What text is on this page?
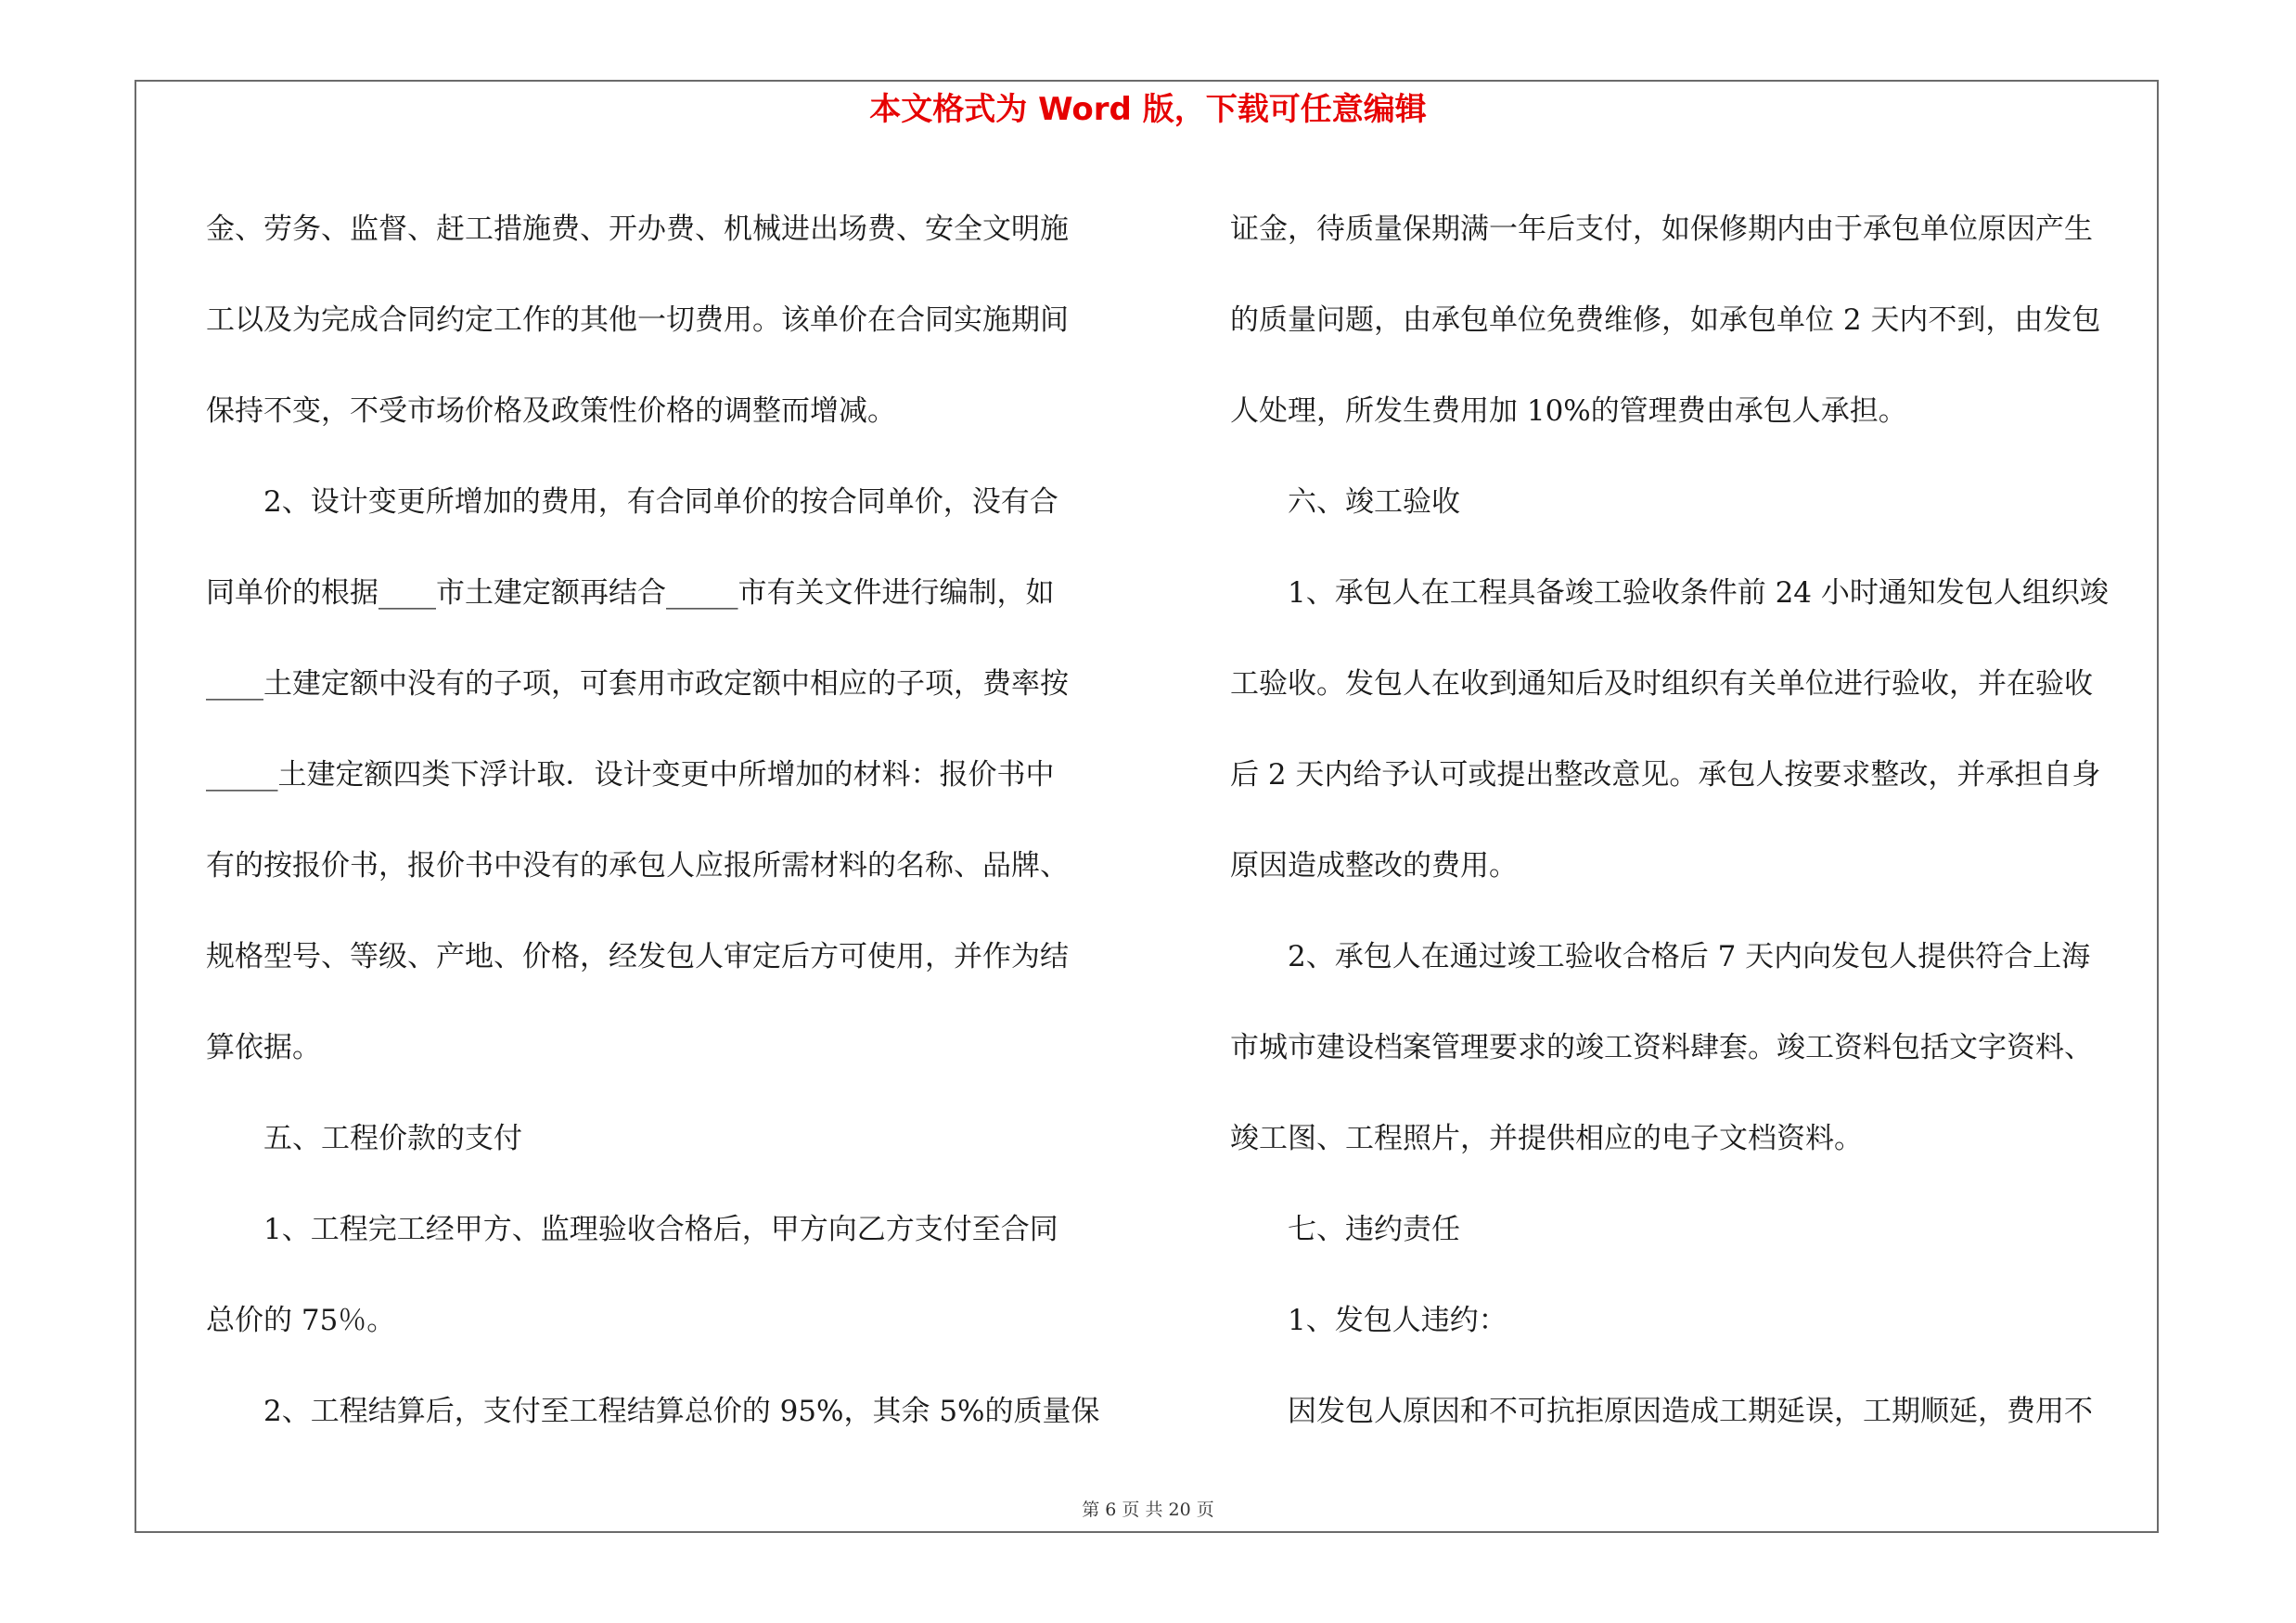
本文格式为 Word 版，下载可任意编辑
金、劳务、监督、赶工措施费、开办费、机械进出场费、安全文明施
工以及为完成合同约定工作的其他一切费用。该单价在合同实施期间
保持不变，不受市场价格及政策性价格的调整而增减。
2、设计变更所增加的费用，有合同单价的按合同单价，没有合
同单价的根据____市土建定额再结合_____市有关文件进行编制，如
____土建定额中没有的子项，可套用市政定额中相应的子项，费率按
_____土建定额四类下浮计取．设计变更中所增加的材料：报价书中
有的按报价书，报价书中没有的承包人应报所需材料的名称、品牌、
规格型号、等级、产地、价格，经发包人审定后方可使用，并作为结
算依据。
五、工程价款的支付
1、工程完工经甲方、监理验收合格后，甲方向乙方支付至合同
总价的 75％。
2、工程结算后，支付至工程结算总价的 95%，其余 5%的质量保
证金，待质量保期满一年后支付，如保修期内由于承包单位原因产生
的质量问题，由承包单位免费维修，如承包单位 2 天内不到，由发包
人处理，所发生费用加 10%的管理费由承包人承担。
六、竣工验收
1、承包人在工程具备竣工验收条件前 24 小时通知发包人组织竣
工验收。发包人在收到通知后及时组织有关单位进行验收，并在验收
后 2 天内给予认可或提出整改意见。承包人按要求整改，并承担自身
原因造成整改的费用。
2、承包人在通过竣工验收合格后 7 天内向发包人提供符合上海
市城市建设档案管理要求的竣工资料肆套。竣工资料包括文字资料、
竣工图、工程照片，并提供相应的电子文档资料。
七、违约责任
1、发包人违约：
因发包人原因和不可抗拒原因造成工期延误，工期顺延，费用不
第 6 页 共 20 页
